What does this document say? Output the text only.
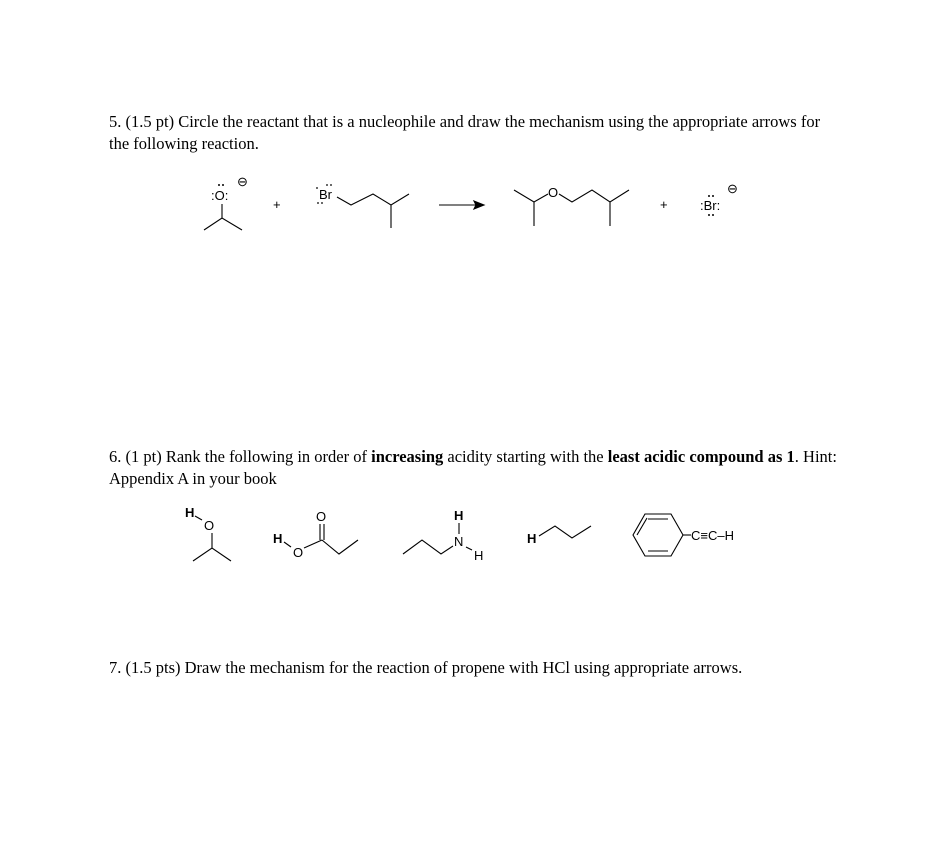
5. (1.5 pt) Circle the reactant that is a nucleophile and draw the mechanism using the appropriate arrows for the following reaction.
:O:
⊖
+
Br	O
+ :Br:
⊖
H
O
H
O
O
N
H
H
H	C≡C–H
6. (1 pt) Rank the following in order of increasing acidity starting with the least acidic compound as 1. Hint: Appendix A in your book
7. (1.5 pts) Draw the mechanism for the reaction of propene with HCl using appropriate arrows.
